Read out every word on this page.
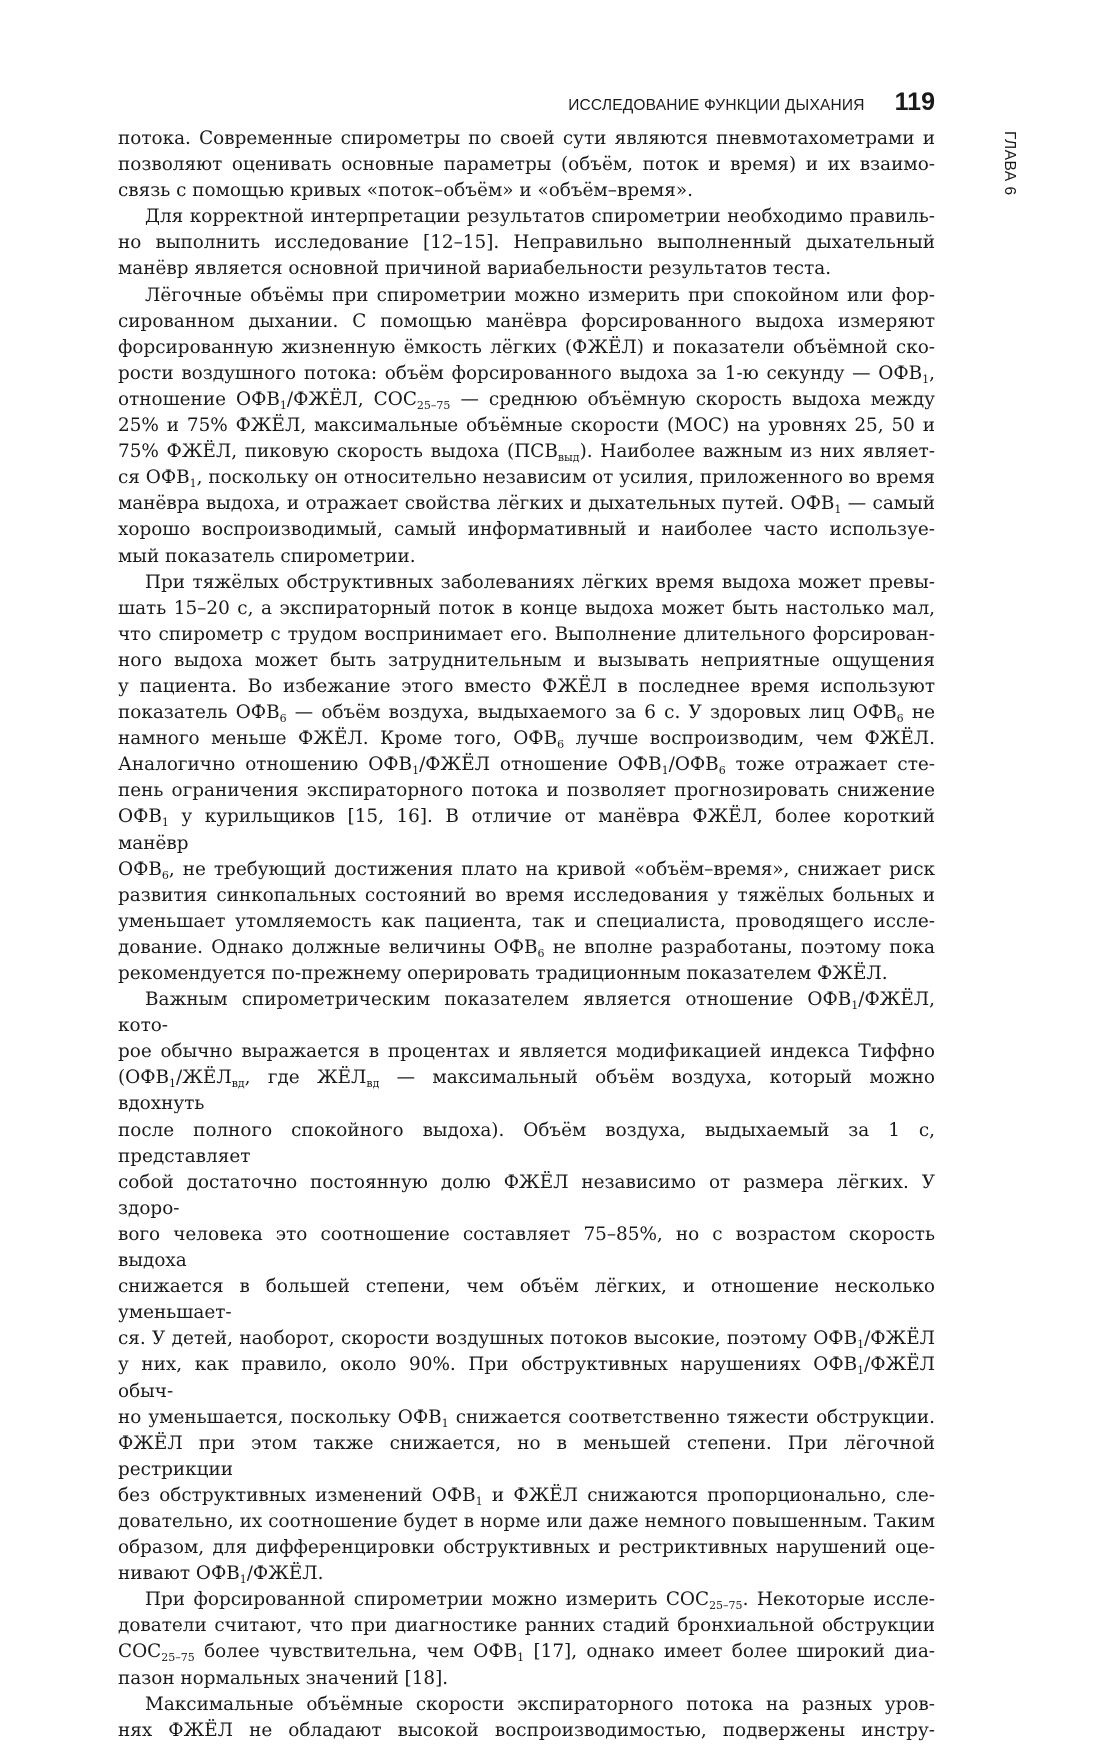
ИССЛЕДОВАНИЕ ФУНКЦИИ ДЫХАНИЯ 119
ГЛАВА 6

потока. Современные спирометры по своей сути являются пневмотахометрами и
позволяют оценивать основные параметры (объём, поток и время) и их взаимо-
связь с помощью кривых «поток–объём» и «объём–время».

Для корректной интерпретации результатов спирометрии необходимо правиль-
но выполнить исследование [12–15]. Неправильно выполненный дыхательный
манёвр является основной причиной вариабельности результатов теста.

Лёгочные объёмы при спирометрии можно измерить при спокойном или фор-
сированном дыхании. С помощью манёвра форсированного выдоха измеряют
форсированную жизненную ёмкость лёгких (ФЖЁЛ) и показатели объёмной ско-
рости воздушного потока: объём форсированного выдоха за 1-ю секунду — $ОФВ_1$,
отношение $ОФВ_1$/ФЖЁЛ, $СОС_{25-75}$ — среднюю объёмную скорость выдоха между
25% и 75% ФЖЁЛ, максимальные объёмные скорости (МОС) на уровнях 25, 50 и
75% ФЖЁЛ, пиковую скорость выдоха $(ПСВ_{выд})$. Наиболее важным из них являет-
ся $ОФВ_1$, поскольку он относительно независим от усилия, приложенного во время
манёвра выдоха, и отражает свойства лёгких и дыхательных путей. $ОФВ_1$ — самый
хорошо воспроизводимый, самый информативный и наиболее часто используе-
мый показатель спирометрии.

При тяжёлых обструктивных заболеваниях лёгких время выдоха может превы-
шать 15–20 с, а экспираторный поток в конце выдоха может быть настолько мал,
что спирометр с трудом воспринимает его. Выполнение длительного форсирован-
ного выдоха может быть затруднительным и вызывать неприятные ощущения
у пациента. Во избежание этого вместо ФЖЁЛ в последнее время используют
показатель $ОФВ_6$ — объём воздуха, выдыхаемого за 6 с. У здоровых лиц $ОФВ_6$ не
намного меньше ФЖЁЛ. Кроме того, $ОФВ_6$ лучше воспроизводим, чем ФЖЁЛ.
Аналогично отношению $ОФВ_1$/ФЖЁЛ отношение $ОФВ_1/ОФВ_6$ тоже отражает сте-
пень ограничения экспираторного потока и позволяет прогнозировать снижение
$ОФВ_1$ у курильщиков [15, 16]. В отличие от манёвра ФЖЁЛ, более короткий манёвр
$ОФВ_6$, не требующий достижения плато на кривой «объём–время», снижает риск
развития синкопальных состояний во время исследования у тяжёлых больных и
уменьшает утомляемость как пациента, так и специалиста, проводящего иссле-
дование. Однако должные величины $ОФВ_6$ не вполне разработаны, поэтому пока
рекомендуется по-прежнему оперировать традиционным показателем ФЖЁЛ.

Важным спирометрическим показателем является отношение $ОФВ_1$/ФЖЁЛ, кото-
рое обычно выражается в процентах и является модификацией индекса Тиффно
($ОФВ_1/ЖЁЛ_{вд}$, где $ЖЁЛ_{вд}$ — максимальный объём воздуха, который можно вдохнуть
после полного спокойного выдоха). Объём воздуха, выдыхаемый за 1 с, представляет
собой достаточно постоянную долю ФЖЁЛ независимо от размера лёгких. У здоро-
вого человека это соотношение составляет 75–85%, но с возрастом скорость выдоха
снижается в большей степени, чем объём лёгких, и отношение несколько уменьшает-
ся. У детей, наоборот, скорости воздушных потоков высокие, поэтому $ОФВ_1$/ФЖЁЛ
у них, как правило, около 90%. При обструктивных нарушениях $ОФВ_1$/ФЖЁЛ обыч-
но уменьшается, поскольку $ОФВ_1$ снижается соответственно тяжести обструкции.
ФЖЁЛ при этом также снижается, но в меньшей степени. При лёгочной рестрикции
без обструктивных изменений $ОФВ_1$ и ФЖЁЛ снижаются пропорционально, сле-
довательно, их соотношение будет в норме или даже немного повышенным. Таким
образом, для дифференцировки обструктивных и рестриктивных нарушений оце-
нивают $ОФВ_1$/ФЖЁЛ.

При форсированной спирометрии можно измерить $СОС_{25-75}$. Некоторые иссле-
дователи считают, что при диагностике ранних стадий бронхиальной обструкции
$СОС_{25-75}$ более чувствительна, чем $ОФВ_1$ [17], однако имеет более широкий диа-
пазон нормальных значений [18].

Максимальные объёмные скорости экспираторного потока на разных уров-
нях ФЖЁЛ не обладают высокой воспроизводимостью, подвержены инстру-
